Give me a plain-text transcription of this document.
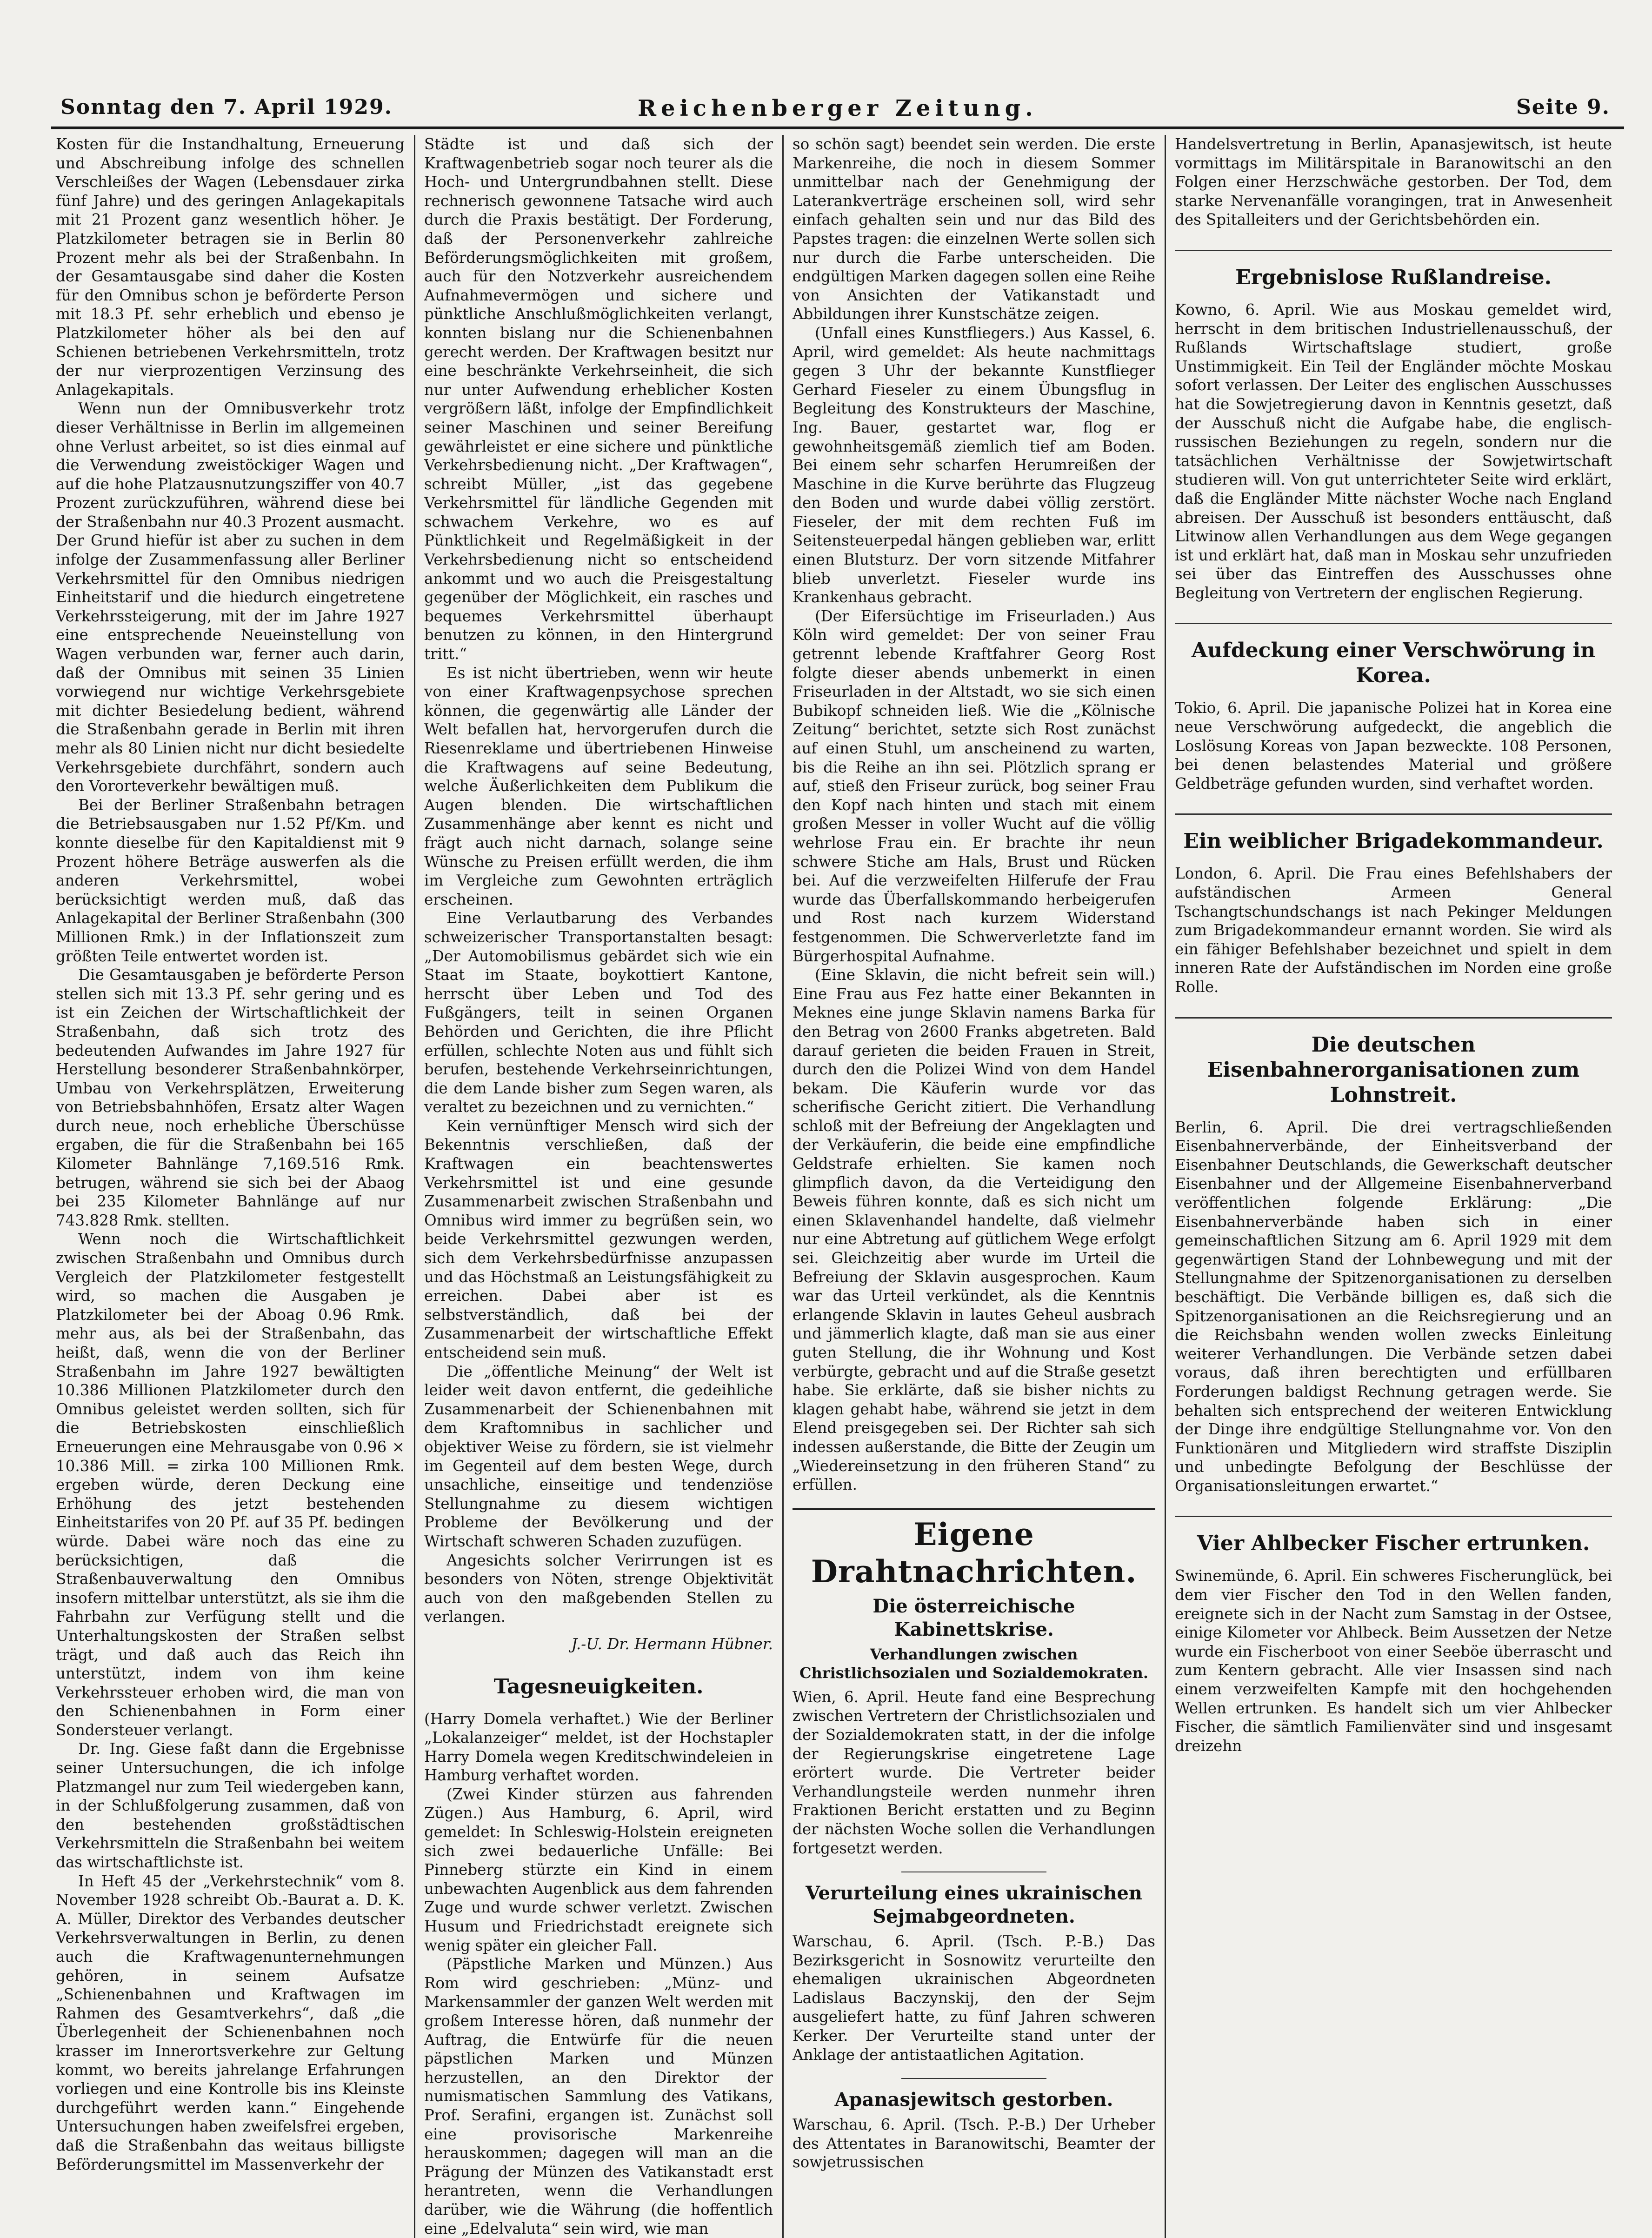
Sonntag den 7. April 1929.	Reichenberger Zeitung.	Seite 9.

Kosten für die Instandhaltung, Erneuerung und Abschreibung infolge des schnellen Verschleißes der Wagen (Lebensdauer zirka fünf Jahre) und des geringen Anlagekapitals mit 21 Prozent ganz wesentlich höher. Je Platzkilometer betragen sie in Berlin 80 Prozent mehr als bei der Straßenbahn. In der Gesamtausgabe sind daher die Kosten für den Omnibus schon je beförderte Person mit 18.3 Pf. sehr erheblich und ebenso je Platzkilometer höher als bei den auf Schienen betriebenen Verkehrsmitteln, trotz der nur vierprozentigen Verzinsung des Anlagekapitals.

Wenn nun der Omnibusverkehr trotz dieser Verhältnisse in Berlin im allgemeinen ohne Verlust arbeitet, so ist dies einmal auf die Verwendung zweistöckiger Wagen und auf die hohe Platzausnutzungsziffer von 40.7 Prozent zurückzuführen, während diese bei der Straßenbahn nur 40.3 Prozent ausmacht. Der Grund hiefür ist aber zu suchen in dem infolge der Zusammenfassung aller Berliner Verkehrsmittel für den Omnibus niedrigen Einheitstarif und die hiedurch eingetretene Verkehrssteigerung, mit der im Jahre 1927 eine entsprechende Neueinstellung von Wagen verbunden war, ferner auch darin, daß der Omnibus mit seinen 35 Linien vorwiegend nur wichtige Verkehrsgebiete mit dichter Besiedelung bedient, während die Straßenbahn gerade in Berlin mit ihren mehr als 80 Linien nicht nur dicht besiedelte Verkehrsgebiete durchfährt, sondern auch den Vororteverkehr bewältigen muß.

Bei der Berliner Straßenbahn betragen die Betriebsausgaben nur 1.52 Pf/Km. und konnte dieselbe für den Kapitaldienst mit 9 Prozent höhere Beträge auswerfen als die anderen Verkehrsmittel, wobei berücksichtigt werden muß, daß das Anlagekapital der Berliner Straßenbahn (300 Millionen Rmk.) in der Inflationszeit zum größten Teile entwertet worden ist.

Die Gesamtausgaben je beförderte Person stellen sich mit 13.3 Pf. sehr gering und es ist ein Zeichen der Wirtschaftlichkeit der Straßenbahn, daß sich trotz des bedeutenden Aufwandes im Jahre 1927 für Herstellung besonderer Straßenbahnkörper, Umbau von Verkehrsplätzen, Erweiterung von Betriebsbahnhöfen, Ersatz alter Wagen durch neue, noch erhebliche Überschüsse ergaben, die für die Straßenbahn bei 165 Kilometer Bahnlänge 7,169.516 Rmk. betrugen, während sie sich bei der Abaog bei 235 Kilometer Bahnlänge auf nur 743.828 Rmk. stellten.

Wenn noch die Wirtschaftlichkeit zwischen Straßenbahn und Omnibus durch Vergleich der Platzkilometer festgestellt wird, so machen die Ausgaben je Platzkilometer bei der Aboag 0.96 Rmk. mehr aus, als bei der Straßenbahn, das heißt, daß, wenn die von der Berliner Straßenbahn im Jahre 1927 bewältigten 10.386 Millionen Platzkilometer durch den Omnibus geleistet werden sollten, sich für die Betriebskosten einschließlich Erneuerungen eine Mehrausgabe von 0.96 × 10.386 Mill. = zirka 100 Millionen Rmk. ergeben würde, deren Deckung eine Erhöhung des jetzt bestehenden Einheitstarifes von 20 Pf. auf 35 Pf. bedingen würde. Dabei wäre noch das eine zu berücksichtigen, daß die Straßenbauverwaltung den Omnibus insofern mittelbar unterstützt, als sie ihm die Fahrbahn zur Verfügung stellt und die Unterhaltungskosten der Straßen selbst trägt, und daß auch das Reich ihn unterstützt, indem von ihm keine Verkehrssteuer erhoben wird, die man von den Schienenbahnen in Form einer Sondersteuer verlangt.

Dr. Ing. Giese faßt dann die Ergebnisse seiner Untersuchungen, die ich infolge Platzmangel nur zum Teil wiedergeben kann, in der Schlußfolgerung zusammen, daß von den bestehenden großstädtischen Verkehrsmitteln die Straßenbahn bei weitem das wirtschaftlichste ist.

In Heft 45 der „Verkehrstechnik“ vom 8. November 1928 schreibt Ob.-Baurat a. D. K. A. Müller, Direktor des Verbandes deutscher Verkehrsverwaltungen in Berlin, zu denen auch die Kraftwagenunternehmungen gehören, in seinem Aufsatze „Schienenbahnen und Kraftwagen im Rahmen des Gesamtverkehrs“, daß „die Überlegenheit der Schienenbahnen noch krasser im Innerortsverkehre zur Geltung kommt, wo bereits jahrelange Erfahrungen vorliegen und eine Kontrolle bis ins Kleinste durchgeführt werden kann.“ Eingehende Untersuchungen haben zweifelsfrei ergeben, daß die Straßenbahn das weitaus billigste Beförderungsmittel im Massenverkehr der

Städte ist und daß sich der Kraftwagenbetrieb sogar noch teurer als die Hoch- und Untergrundbahnen stellt. Diese rechnerisch gewonnene Tatsache wird auch durch die Praxis bestätigt. Der Forderung, daß der Personenverkehr zahlreiche Beförderungsmöglichkeiten mit großem, auch für den Notzverkehr ausreichendem Aufnahmevermögen und sichere und pünktliche Anschlußmöglichkeiten verlangt, konnten bislang nur die Schienenbahnen gerecht werden. Der Kraftwagen besitzt nur eine beschränkte Verkehrseinheit, die sich nur unter Aufwendung erheblicher Kosten vergrößern läßt, infolge der Empfindlichkeit seiner Maschinen und seiner Bereifung gewährleistet er eine sichere und pünktliche Verkehrsbedienung nicht. „Der Kraftwagen“, schreibt Müller, „ist das gegebene Verkehrsmittel für ländliche Gegenden mit schwachem Verkehre, wo es auf Pünktlichkeit und Regelmäßigkeit in der Verkehrsbedienung nicht so entscheidend ankommt und wo auch die Preisgestaltung gegenüber der Möglichkeit, ein rasches und bequemes Verkehrsmittel überhaupt benutzen zu können, in den Hintergrund tritt.“

Es ist nicht übertrieben, wenn wir heute von einer Kraftwagenpsychose sprechen können, die gegenwärtig alle Länder der Welt befallen hat, hervorgerufen durch die Riesenreklame und übertriebenen Hinweise die Kraftwagens auf seine Bedeutung, welche Äußerlichkeiten dem Publikum die Augen blenden. Die wirtschaftlichen Zusammenhänge aber kennt es nicht und frägt auch nicht darnach, solange seine Wünsche zu Preisen erfüllt werden, die ihm im Vergleiche zum Gewohnten erträglich erscheinen.

Eine Verlautbarung des Verbandes schweizerischer Transportanstalten besagt: „Der Automobilismus gebärdet sich wie ein Staat im Staate, boykottiert Kantone, herrscht über Leben und Tod des Fußgängers, teilt in seinen Organen Behörden und Gerichten, die ihre Pflicht erfüllen, schlechte Noten aus und fühlt sich berufen, bestehende Verkehrseinrichtungen, die dem Lande bisher zum Segen waren, als veraltet zu bezeichnen und zu vernichten.“

Kein vernünftiger Mensch wird sich der Bekenntnis verschließen, daß der Kraftwagen ein beachtenswertes Verkehrsmittel ist und eine gesunde Zusammenarbeit zwischen Straßenbahn und Omnibus wird immer zu begrüßen sein, wo beide Verkehrsmittel gezwungen werden, sich dem Verkehrsbedürfnisse anzupassen und das Höchstmaß an Leistungsfähigkeit zu erreichen. Dabei aber ist es selbstverständlich, daß bei der Zusammenarbeit der wirtschaftliche Effekt entscheidend sein muß.

Die „öffentliche Meinung“ der Welt ist leider weit davon entfernt, die gedeihliche Zusammenarbeit der Schienenbahnen mit dem Kraftomnibus in sachlicher und objektiver Weise zu fördern, sie ist vielmehr im Gegenteil auf dem besten Wege, durch unsachliche, einseitige und tendenziöse Stellungnahme zu diesem wichtigen Probleme der Bevölkerung und der Wirtschaft schweren Schaden zuzufügen.

Angesichts solcher Verirrungen ist es besonders von Nöten, strenge Objektivität auch von den maßgebenden Stellen zu verlangen.

J.-U. Dr. Hermann Hübner.
Tagesneuigkeiten.

(Harry Domela verhaftet.) Wie der Berliner „Lokalanzeiger“ meldet, ist der Hochstapler Harry Domela wegen Kreditschwindeleien in Hamburg verhaftet worden.

(Zwei Kinder stürzen aus fahrenden Zügen.) Aus Hamburg, 6. April, wird gemeldet: In Schleswig-Holstein ereigneten sich zwei bedauerliche Unfälle: Bei Pinneberg stürzte ein Kind in einem unbewachten Augenblick aus dem fahrenden Zuge und wurde schwer verletzt. Zwischen Husum und Friedrichstadt ereignete sich wenig später ein gleicher Fall.

(Päpstliche Marken und Münzen.) Aus Rom wird geschrieben: „Münz- und Markensammler der ganzen Welt werden mit großem Interesse hören, daß nunmehr der Auftrag, die Entwürfe für die neuen päpstlichen Marken und Münzen herzustellen, an den Direktor der numismatischen Sammlung des Vatikans, Prof. Serafini, ergangen ist. Zunächst soll eine provisorische Markenreihe herauskommen; dagegen will man an die Prägung der Münzen des Vatikanstadt erst herantreten, wenn die Verhandlungen darüber, wie die Währung (die hoffentlich eine „Edelvaluta“ sein wird, wie man

so schön sagt) beendet sein werden. Die erste Markenreihe, die noch in diesem Sommer unmittelbar nach der Genehmigung der Laterankverträge erscheinen soll, wird sehr einfach gehalten sein und nur das Bild des Papstes tragen: die einzelnen Werte sollen sich nur durch die Farbe unterscheiden. Die endgültigen Marken dagegen sollen eine Reihe von Ansichten der Vatikanstadt und Abbildungen ihrer Kunstschätze zeigen.

(Unfall eines Kunstfliegers.) Aus Kassel, 6. April, wird gemeldet: Als heute nachmittags gegen 3 Uhr der bekannte Kunstflieger Gerhard Fieseler zu einem Übungsflug in Begleitung des Konstrukteurs der Maschine, Ing. Bauer, gestartet war, flog er gewohnheitsgemäß ziemlich tief am Boden. Bei einem sehr scharfen Herumreißen der Maschine in die Kurve berührte das Flugzeug den Boden und wurde dabei völlig zerstört. Fieseler, der mit dem rechten Fuß im Seitensteuerpedal hängen geblieben war, erlitt einen Blutsturz. Der vorn sitzende Mitfahrer blieb unverletzt. Fieseler wurde ins Krankenhaus gebracht.

(Der Eifersüchtige im Friseurladen.) Aus Köln wird gemeldet: Der von seiner Frau getrennt lebende Kraftfahrer Georg Rost folgte dieser abends unbemerkt in einen Friseurladen in der Altstadt, wo sie sich einen Bubikopf schneiden ließ. Wie die „Kölnische Zeitung“ berichtet, setzte sich Rost zunächst auf einen Stuhl, um anscheinend zu warten, bis die Reihe an ihn sei. Plötzlich sprang er auf, stieß den Friseur zurück, bog seiner Frau den Kopf nach hinten und stach mit einem großen Messer in voller Wucht auf die völlig wehrlose Frau ein. Er brachte ihr neun schwere Stiche am Hals, Brust und Rücken bei. Auf die verzweifelten Hilferufe der Frau wurde das Überfallskommando herbeigerufen und Rost nach kurzem Widerstand festgenommen. Die Schwerverletzte fand im Bürgerhospital Aufnahme.

(Eine Sklavin, die nicht befreit sein will.) Eine Frau aus Fez hatte einer Bekannten in Meknes eine junge Sklavin namens Barka für den Betrag von 2600 Franks abgetreten. Bald darauf gerieten die beiden Frauen in Streit, durch den die Polizei Wind von dem Handel bekam. Die Käuferin wurde vor das scherifische Gericht zitiert. Die Verhandlung schloß mit der Befreiung der Angeklagten und der Verkäuferin, die beide eine empfindliche Geldstrafe erhielten. Sie kamen noch glimpflich davon, da die Verteidigung den Beweis führen konnte, daß es sich nicht um einen Sklavenhandel handelte, daß vielmehr nur eine Abtretung auf gütlichem Wege erfolgt sei. Gleichzeitig aber wurde im Urteil die Befreiung der Sklavin ausgesprochen. Kaum war das Urteil verkündet, als die Kenntnis erlangende Sklavin in lautes Geheul ausbrach und jämmerlich klagte, daß man sie aus einer guten Stellung, die ihr Wohnung und Kost verbürgte, gebracht und auf die Straße gesetzt habe. Sie erklärte, daß sie bisher nichts zu klagen gehabt habe, während sie jetzt in dem Elend preisgegeben sei. Der Richter sah sich indessen außerstande, die Bitte der Zeugin um „Wiedereinsetzung in den früheren Stand“ zu erfüllen.

Eigene Drahtnachrichten.
Die österreichische Kabinettskrise.
Verhandlungen zwischen Christlichsozialen und Sozialdemokraten.

Wien, 6. April. Heute fand eine Besprechung zwischen Vertretern der Christlichsozialen und der Sozialdemokraten statt, in der die infolge der Regierungskrise eingetretene Lage erörtert wurde. Die Vertreter beider Verhandlungsteile werden nunmehr ihren Fraktionen Bericht erstatten und zu Beginn der nächsten Woche sollen die Verhandlungen fortgesetzt werden.

Verurteilung eines ukrainischen Sejmabgeordneten.

Warschau, 6. April. (Tsch. P.-B.) Das Bezirksgericht in Sosnowitz verurteilte den ehemaligen ukrainischen Abgeordneten Ladislaus Baczynskij, den der Sejm ausgeliefert hatte, zu fünf Jahren schweren Kerker. Der Verurteilte stand unter der Anklage der antistaatlichen Agitation.

Apanasjewitsch gestorben.

Warschau, 6. April. (Tsch. P.-B.) Der Urheber des Attentates in Baranowitschi, Beamter der sowjetrussischen

Handelsvertretung in Berlin, Apanasjewitsch, ist heute vormittags im Militärspitale in Baranowitschi an den Folgen einer Herzschwäche gestorben. Der Tod, dem starke Nervenanfälle vorangingen, trat in Anwesenheit des Spitalleiters und der Gerichtsbehörden ein.

Ergebnislose Rußlandreise.

Kowno, 6. April. Wie aus Moskau gemeldet wird, herrscht in dem britischen Industriellenausschuß, der Rußlands Wirtschaftslage studiert, große Unstimmigkeit. Ein Teil der Engländer möchte Moskau sofort verlassen. Der Leiter des englischen Ausschusses hat die Sowjetregierung davon in Kenntnis gesetzt, daß der Ausschuß nicht die Aufgabe habe, die englisch-russischen Beziehungen zu regeln, sondern nur die tatsächlichen Verhältnisse der Sowjetwirtschaft studieren will. Von gut unterrichteter Seite wird erklärt, daß die Engländer Mitte nächster Woche nach England abreisen. Der Ausschuß ist besonders enttäuscht, daß Litwinow allen Verhandlungen aus dem Wege gegangen ist und erklärt hat, daß man in Moskau sehr unzufrieden sei über das Eintreffen des Ausschusses ohne Begleitung von Vertretern der englischen Regierung.

Aufdeckung einer Verschwörung in Korea.

Tokio, 6. April. Die japanische Polizei hat in Korea eine neue Verschwörung aufgedeckt, die angeblich die Loslösung Koreas von Japan bezweckte. 108 Personen, bei denen belastendes Material und größere Geldbeträge gefunden wurden, sind verhaftet worden.

Ein weiblicher Brigadekommandeur.

London, 6. April. Die Frau eines Befehlshabers der aufständischen Armeen General Tschangtschundschangs ist nach Pekinger Meldungen zum Brigadekommandeur ernannt worden. Sie wird als ein fähiger Befehlshaber bezeichnet und spielt in dem inneren Rate der Aufständischen im Norden eine große Rolle.

Die deutschen Eisenbahnerorganisationen zum Lohnstreit.

Berlin, 6. April. Die drei vertragschließenden Eisenbahnerverbände, der Einheitsverband der Eisenbahner Deutschlands, die Gewerkschaft deutscher Eisenbahner und der Allgemeine Eisenbahnerverband veröffentlichen folgende Erklärung: „Die Eisenbahnerverbände haben sich in einer gemeinschaftlichen Sitzung am 6. April 1929 mit dem gegenwärtigen Stand der Lohnbewegung und mit der Stellungnahme der Spitzenorganisationen zu derselben beschäftigt. Die Verbände billigen es, daß sich die Spitzenorganisationen an die Reichsregierung und an die Reichsbahn wenden wollen zwecks Einleitung weiterer Verhandlungen. Die Verbände setzen dabei voraus, daß ihren berechtigten und erfüllbaren Forderungen baldigst Rechnung getragen werde. Sie behalten sich entsprechend der weiteren Entwicklung der Dinge ihre endgültige Stellungnahme vor. Von den Funktionären und Mitgliedern wird straffste Disziplin und unbedingte Befolgung der Beschlüsse der Organisationsleitungen erwartet.“

Vier Ahlbecker Fischer ertrunken.

Swinemünde, 6. April. Ein schweres Fischerunglück, bei dem vier Fischer den Tod in den Wellen fanden, ereignete sich in der Nacht zum Samstag in der Ostsee, einige Kilometer vor Ahlbeck. Beim Aussetzen der Netze wurde ein Fischerboot von einer Seeböe überrascht und zum Kentern gebracht. Alle vier Insassen sind nach einem verzweifelten Kampfe mit den hochgehenden Wellen ertrunken. Es handelt sich um vier Ahlbecker Fischer, die sämtlich Familienväter sind und insgesamt dreizehn
